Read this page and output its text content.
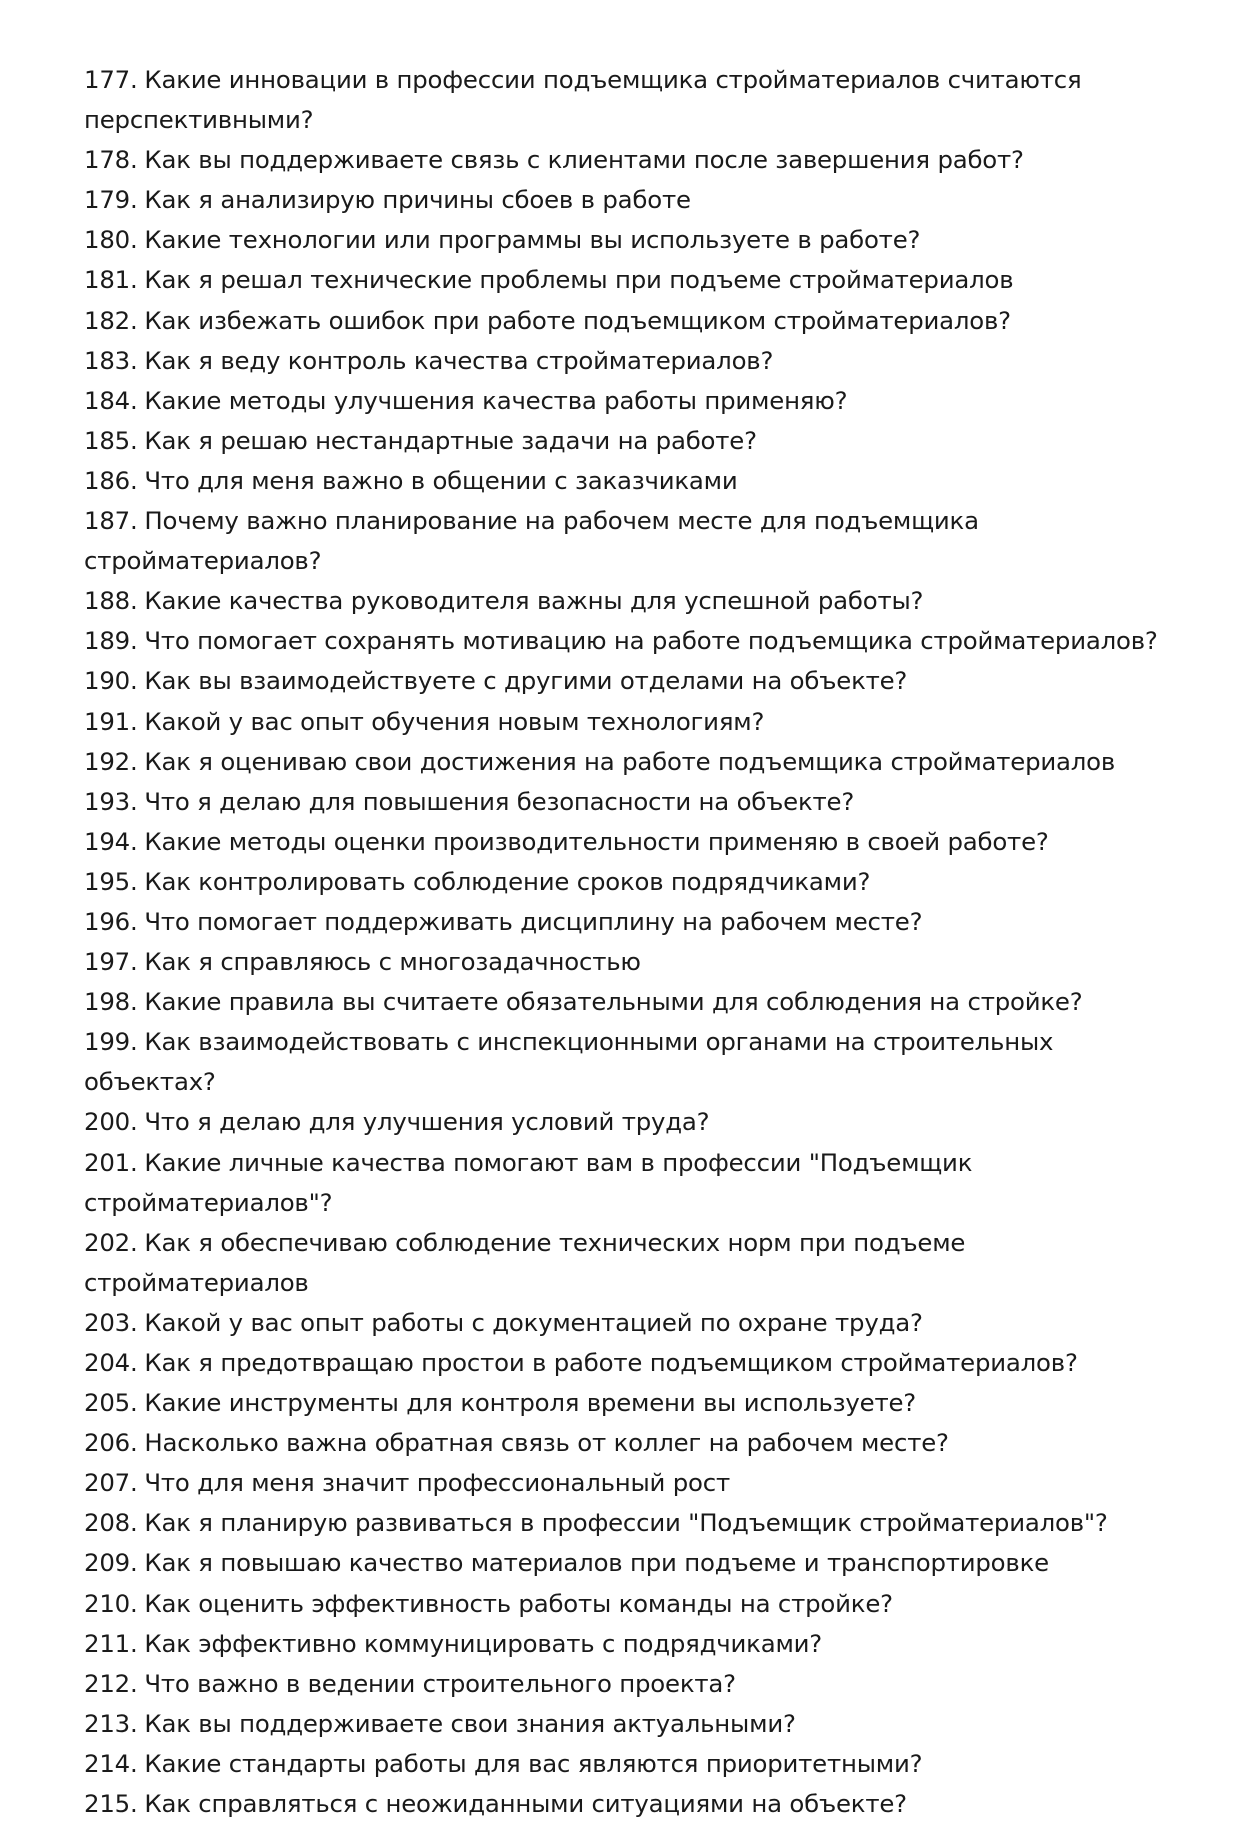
177. Какие инновации в профессии подъемщика стройматериалов считаются перспективными?
178. Как вы поддерживаете связь с клиентами после завершения работ?
179. Как я анализирую причины сбоев в работе
180. Какие технологии или программы вы используете в работе?
181. Как я решал технические проблемы при подъеме стройматериалов
182. Как избежать ошибок при работе подъемщиком стройматериалов?
183. Как я веду контроль качества стройматериалов?
184. Какие методы улучшения качества работы применяю?
185. Как я решаю нестандартные задачи на работе?
186. Что для меня важно в общении с заказчиками
187. Почему важно планирование на рабочем месте для подъемщика стройматериалов?
188. Какие качества руководителя важны для успешной работы?
189. Что помогает сохранять мотивацию на работе подъемщика стройматериалов?
190. Как вы взаимодействуете с другими отделами на объекте?
191. Какой у вас опыт обучения новым технологиям?
192. Как я оцениваю свои достижения на работе подъемщика стройматериалов
193. Что я делаю для повышения безопасности на объекте?
194. Какие методы оценки производительности применяю в своей работе?
195. Как контролировать соблюдение сроков подрядчиками?
196. Что помогает поддерживать дисциплину на рабочем месте?
197. Как я справляюсь с многозадачностью
198. Какие правила вы считаете обязательными для соблюдения на стройке?
199. Как взаимодействовать с инспекционными органами на строительных объектах?
200. Что я делаю для улучшения условий труда?
201. Какие личные качества помогают вам в профессии "Подъемщик стройматериалов"?
202. Как я обеспечиваю соблюдение технических норм при подъеме стройматериалов
203. Какой у вас опыт работы с документацией по охране труда?
204. Как я предотвращаю простои в работе подъемщиком стройматериалов?
205. Какие инструменты для контроля времени вы используете?
206. Насколько важна обратная связь от коллег на рабочем месте?
207. Что для меня значит профессиональный рост
208. Как я планирую развиваться в профессии "Подъемщик стройматериалов"?
209. Как я повышаю качество материалов при подъеме и транспортировке
210. Как оценить эффективность работы команды на стройке?
211. Как эффективно коммуницировать с подрядчиками?
212. Что важно в ведении строительного проекта?
213. Как вы поддерживаете свои знания актуальными?
214. Какие стандарты работы для вас являются приоритетными?
215. Как справляться с неожиданными ситуациями на объекте?
